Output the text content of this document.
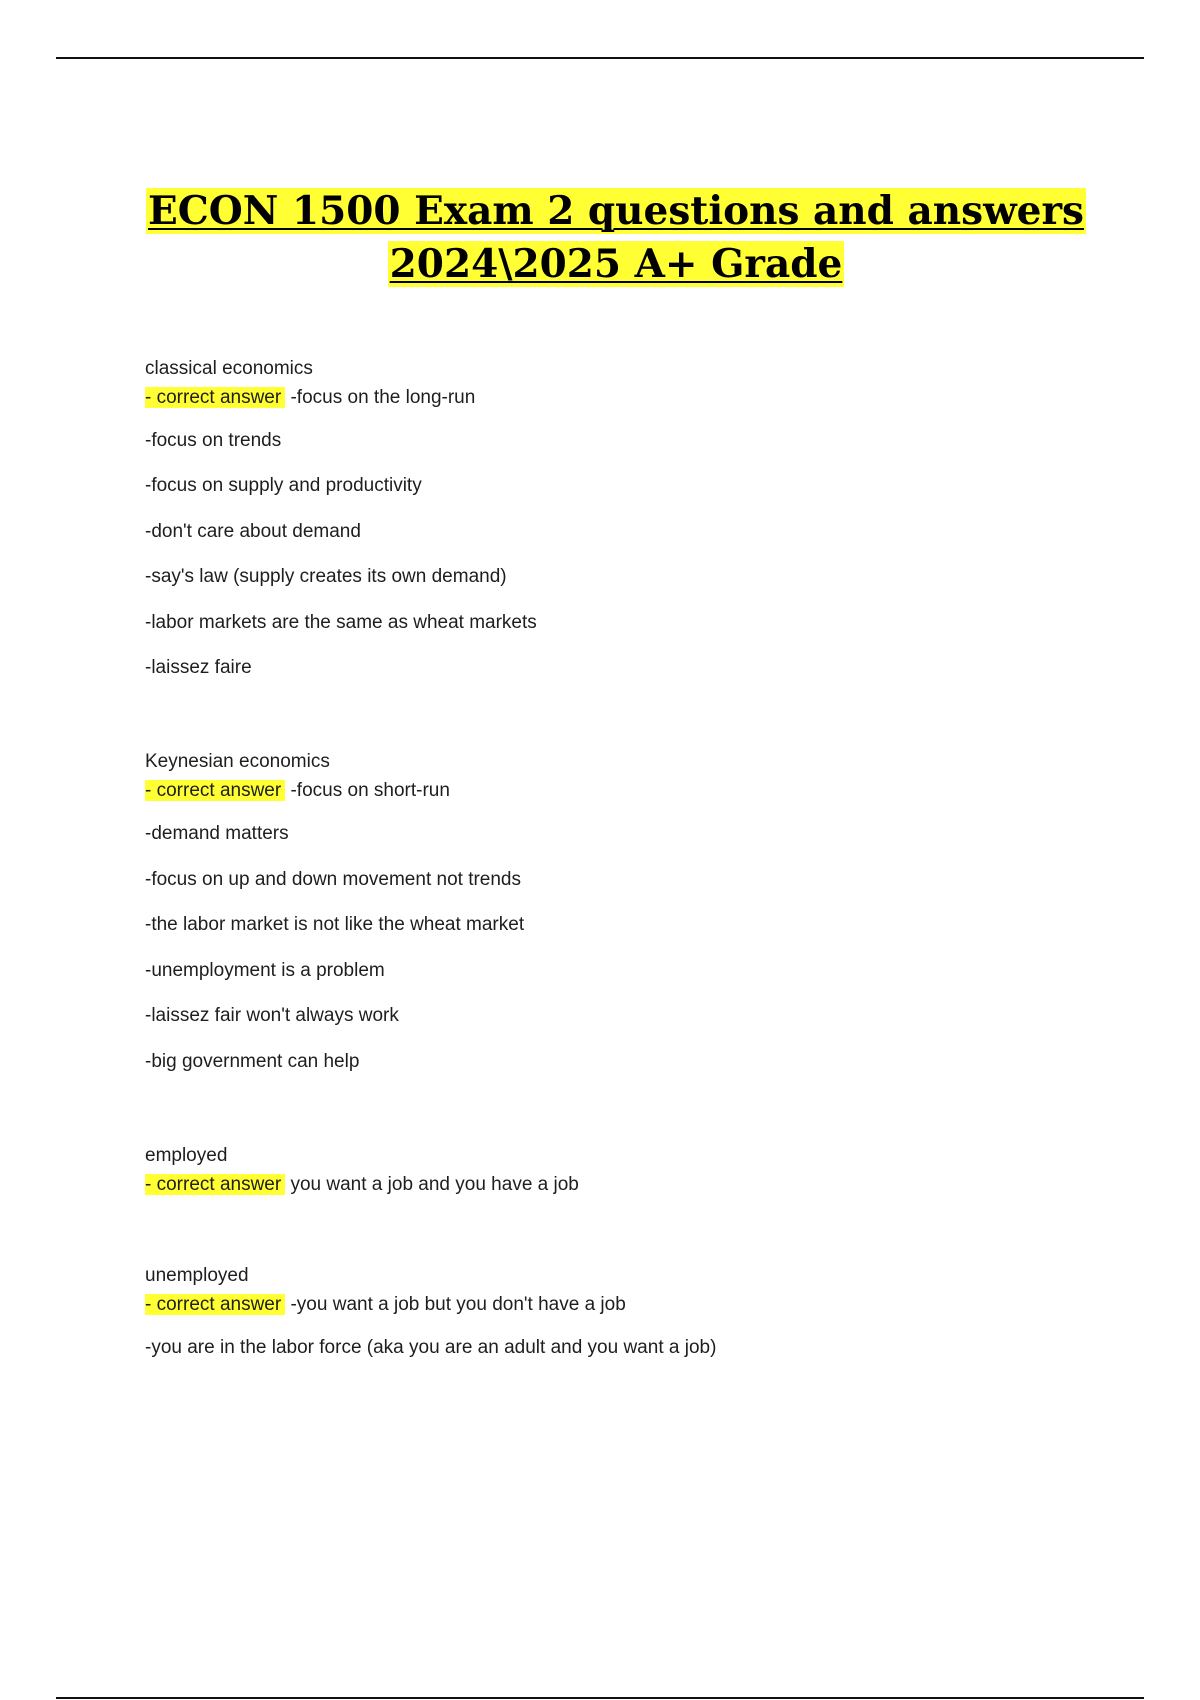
ECON 1500 Exam 2 questions and answers
2024\2025 A+ Grade
classical economics
- correct answer -focus on the long-run
-focus on trends
-focus on supply and productivity
-don't care about demand
-say's law (supply creates its own demand)
-labor markets are the same as wheat markets
-laissez faire
Keynesian economics
- correct answer -focus on short-run
-demand matters
-focus on up and down movement not trends
-the labor market is not like the wheat market
-unemployment is a problem
-laissez fair won't always work
-big government can help
employed
- correct answer you want a job and you have a job
unemployed
- correct answer -you want a job but you don't have a job
-you are in the labor force (aka you are an adult and you want a job)
